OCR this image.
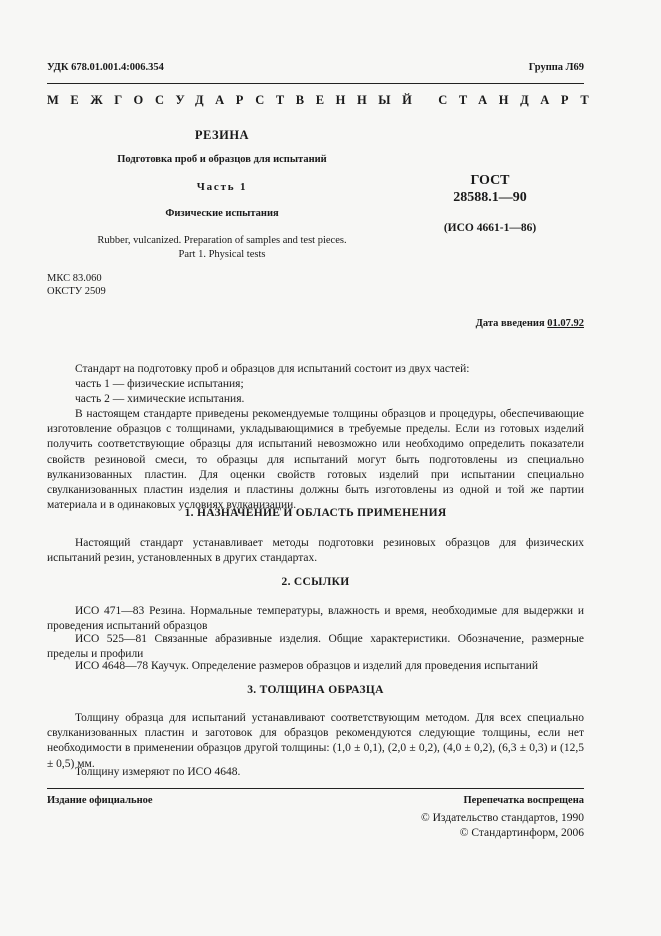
УДК 678.01.001.4:006.354	Группа Л69
МЕЖГОСУДАРСТВЕННЫЙ СТАНДАРТ
РЕЗИНА
Подготовка проб и образцов для испытаний
Часть 1
Физические испытания
Rubber, vulcanized. Preparation of samples and test pieces.
Part 1. Physical tests
ГОСТ
28588.1—90
(ИСО 4661-1—86)
МКС 83.060
ОКСТУ 2509
Дата введения 01.07.92
Стандарт на подготовку проб и образцов для испытаний состоит из двух частей:
часть 1 — физические испытания;
часть 2 — химические испытания.
В настоящем стандарте приведены рекомендуемые толщины образцов и процедуры, обеспечивающие изготовление образцов с толщинами, укладывающимися в требуемые пределы. Если из готовых изделий получить соответствующие образцы для испытаний невозможно или необходимо определить показатели свойств резиновой смеси, то образцы для испытаний могут быть подготовлены из специально вулканизованных пластин. Для оценки свойств готовых изделий при испытании специально свулканизованных пластин изделия и пластины должны быть изготовлены из одной и той же партии материала и в одинаковых условиях вулканизации.
1. НАЗНАЧЕНИЕ И ОБЛАСТЬ ПРИМЕНЕНИЯ
Настоящий стандарт устанавливает методы подготовки резиновых образцов для физических испытаний резин, установленных в других стандартах.
2. ССЫЛКИ
ИСО 471—83 Резина. Нормальные температуры, влажность и время, необходимые для выдержки и проведения испытаний образцов
ИСО 525—81 Связанные абразивные изделия. Общие характеристики. Обозначение, размерные пределы и профили
ИСО 4648—78 Каучук. Определение размеров образцов и изделий для проведения испытаний
3. ТОЛЩИНА ОБРАЗЦА
Толщину образца для испытаний устанавливают соответствующим методом. Для всех специально свулканизованных пластин и заготовок для образцов рекомендуются следующие толщины, если нет необходимости в применении образцов другой толщины: (1,0 ± 0,1), (2,0 ± 0,2), (4,0 ± 0,2), (6,3 ± 0,3) и (12,5 ± 0,5) мм.
Толщину измеряют по ИСО 4648.
Издание официальное	Перепечатка воспрещена
© Издательство стандартов, 1990
© Стандартинформ, 2006
